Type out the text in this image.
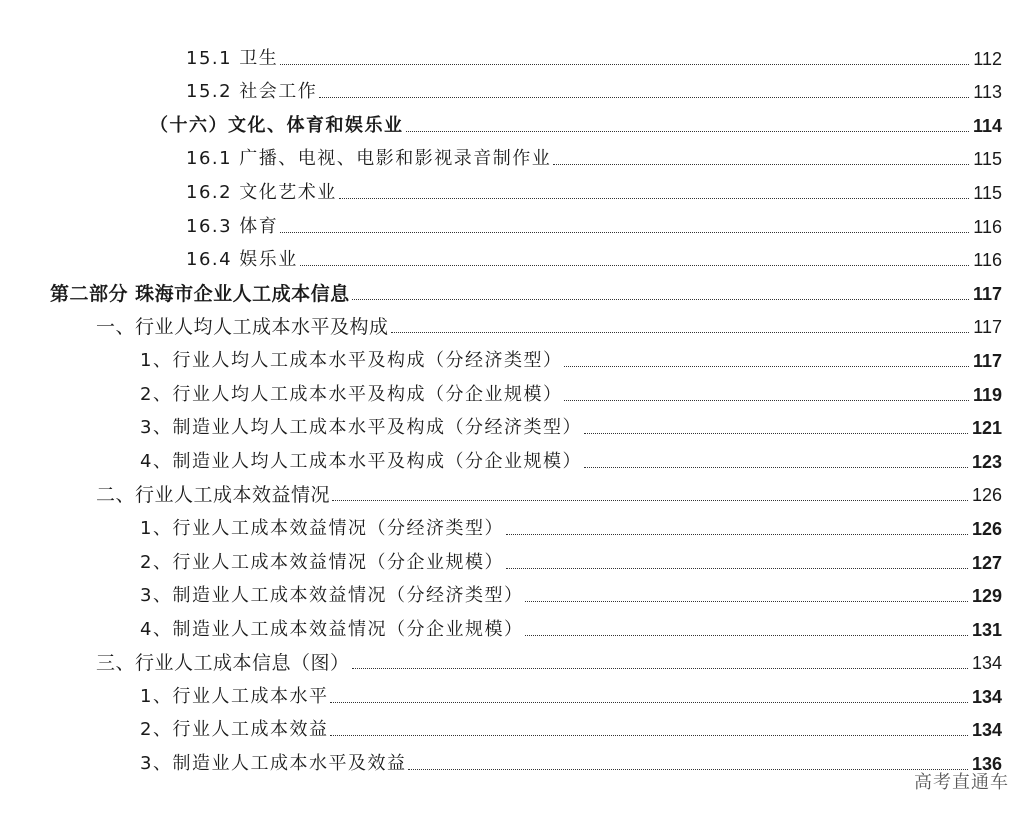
15.1 卫生	112
15.2 社会工作	113
（十六）文化、体育和娱乐业	114
16.1 广播、电视、电影和影视录音制作业	115
16.2 文化艺术业	115
16.3 体育	116
16.4 娱乐业	116
第二部分 珠海市企业人工成本信息	117
一、行业人均人工成本水平及构成	117
1、行业人均人工成本水平及构成（分经济类型）	117
2、行业人均人工成本水平及构成（分企业规模）	119
3、制造业人均人工成本水平及构成（分经济类型）	121
4、制造业人均人工成本水平及构成（分企业规模）	123
二、行业人工成本效益情况	126
1、行业人工成本效益情况（分经济类型）	126
2、行业人工成本效益情况（分企业规模）	127
3、制造业人工成本效益情况（分经济类型）	129
4、制造业人工成本效益情况（分企业规模）	131
三、行业人工成本信息（图）	134
1、行业人工成本水平	134
2、行业人工成本效益	134
3、制造业人工成本水平及效益	136
高考直通车
